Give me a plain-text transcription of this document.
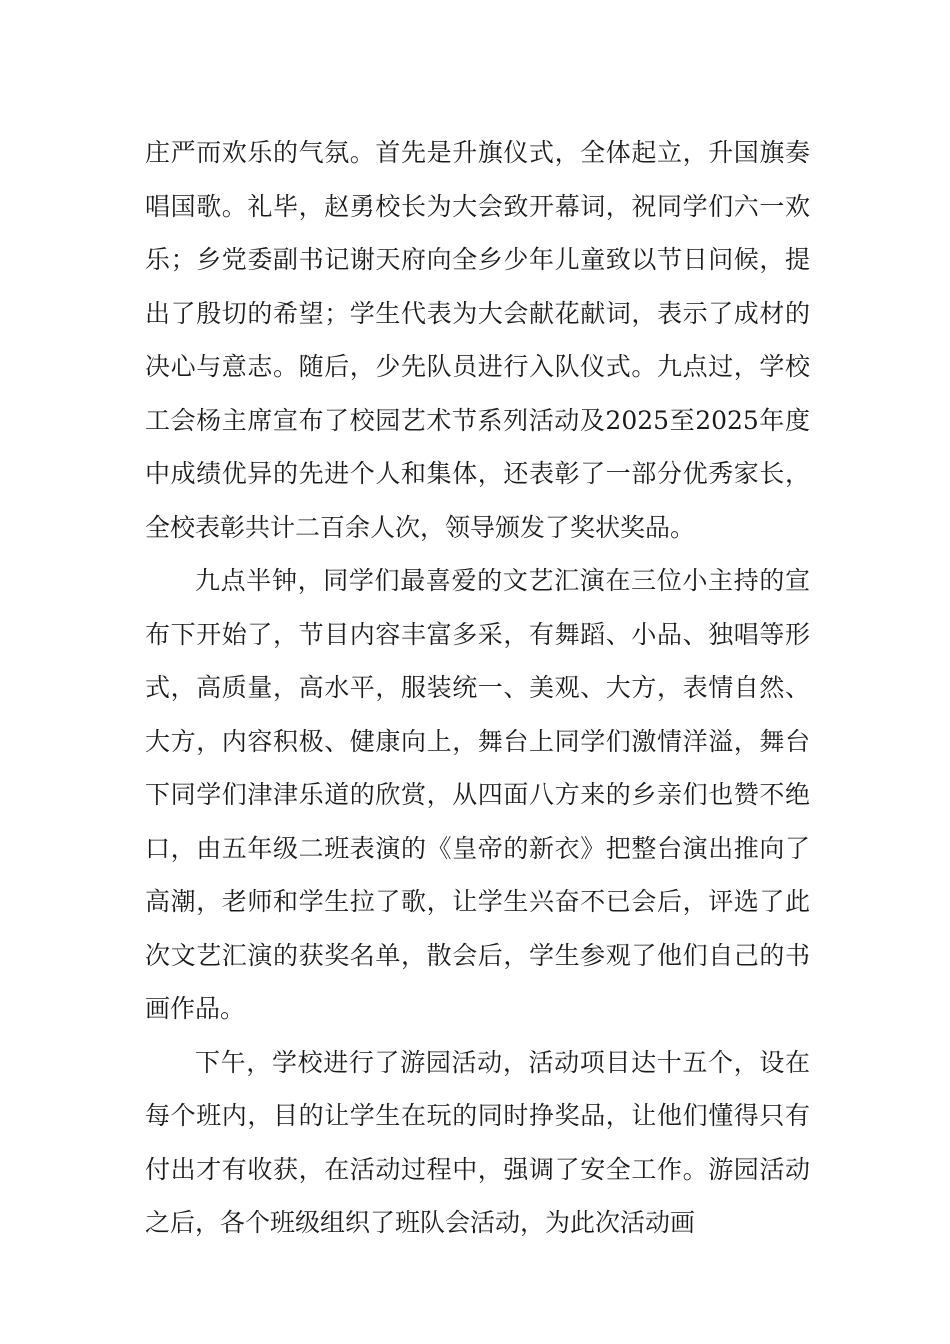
庄严而欢乐的气氛。首先是升旗仪式，全体起立，升国旗奏唱国歌。礼毕，赵勇校长为大会致开幕词，祝同学们六一欢乐；乡党委副书记谢天府向全乡少年儿童致以节日问候，提出了殷切的希望；学生代表为大会献花献词，表示了成材的决心与意志。随后，少先队员进行入队仪式。九点过，学校工会杨主席宣布了校园艺术节系列活动及2025至2025年度中成绩优异的先进个人和集体，还表彰了一部分优秀家长，全校表彰共计二百余人次，领导颁发了奖状奖品。

九点半钟，同学们最喜爱的文艺汇演在三位小主持的宣布下开始了，节目内容丰富多采，有舞蹈、小品、独唱等形式，高质量，高水平，服装统一、美观、大方，表情自然、大方，内容积极、健康向上，舞台上同学们激情洋溢，舞台下同学们津津乐道的欣赏，从四面八方来的乡亲们也赞不绝口，由五年级二班表演的《皇帝的新衣》把整台演出推向了高潮，老师和学生拉了歌，让学生兴奋不已会后，评选了此次文艺汇演的获奖名单，散会后，学生参观了他们自己的书画作品。

下午，学校进行了游园活动，活动项目达十五个，设在每个班内，目的让学生在玩的同时挣奖品，让他们懂得只有付出才有收获，在活动过程中，强调了安全工作。游园活动之后，各个班级组织了班队会活动，为此次活动画
